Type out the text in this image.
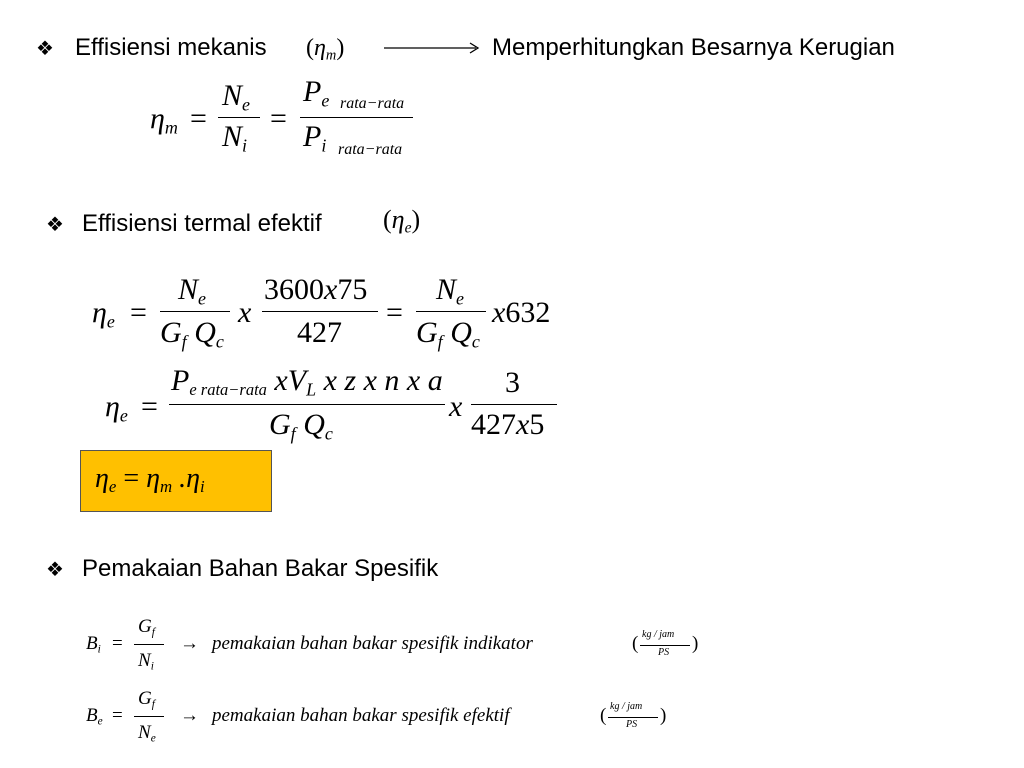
❖ Effisiensi mekanis $(\eta_m)$	Memperhitungkan Besarnya Kerugian
$\eta_m$ =
$N_e$
$N_i$
=
$P_e$ rata−rata
$P_i$ rata−rata
❖ Effisiensi termal efektif $(\eta_e)$
$\eta_e$ =
$N_e$
$G_f$ $Q_c$
x
3600x75
427
=
$N_e$
$G_f$ $Q_c$
x632
$\eta_e$ =
$P_{e rata-rata}$ $xV_L$ x z x n x a
$G_f$ $Q_c$
x
3
427x5
$\eta_e = \eta_m$ $.\eta_i$
❖ Pemakaian Bahan Bakar Spesifik
$B_i$ =
$G_f$
$N_i$
→ pemakaian bahan bakar spesifik indikator	( kg / jam
PS )
$B_e$ =
$G_f$
$N_e$
→ pemakaian bahan bakar spesifik efektif	( kg / jam
PS )
